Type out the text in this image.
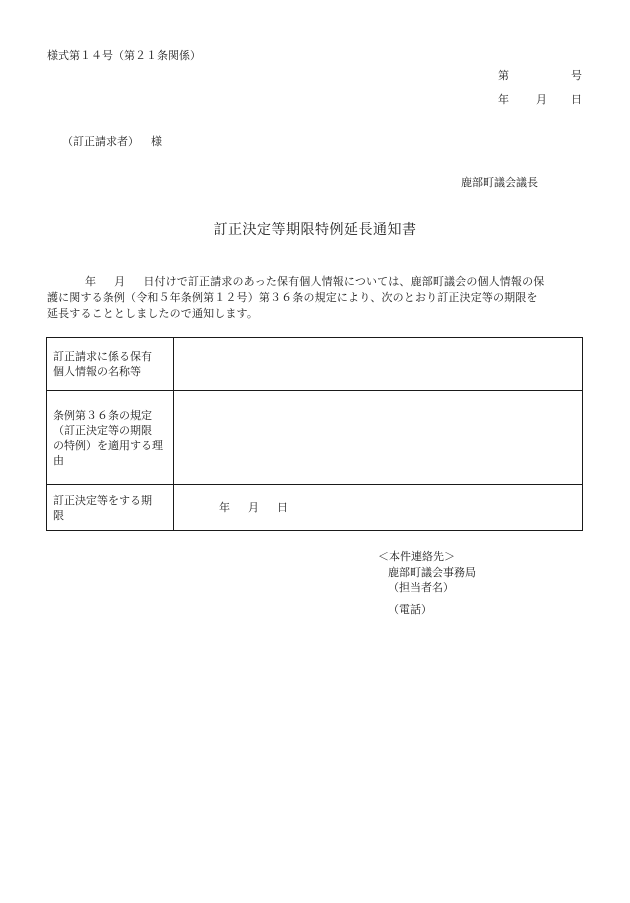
様式第１４号（第２１条関係）
第	号
年 月 日
（訂正請求者） 様
鹿部町議会議長
訂正決定等期限特例延長通知書
年 月 日付けで訂正請求のあった保有個人情報については、鹿部町議会の個人情報の保
護に関する条例（令和５年条例第１２号）第３６条の規定により、次のとおり訂正決定等の期限を
延長することとしましたので通知します。
訂正請求に係る保有
個人情報の名称等	

条例第３６条の規定
（訂正決定等の期限
の特例）を適用する理
由	

訂正決定等をする期
限	年 月 日
＜本件連絡先＞
鹿部町議会事務局
（担当者名）
（電話）
